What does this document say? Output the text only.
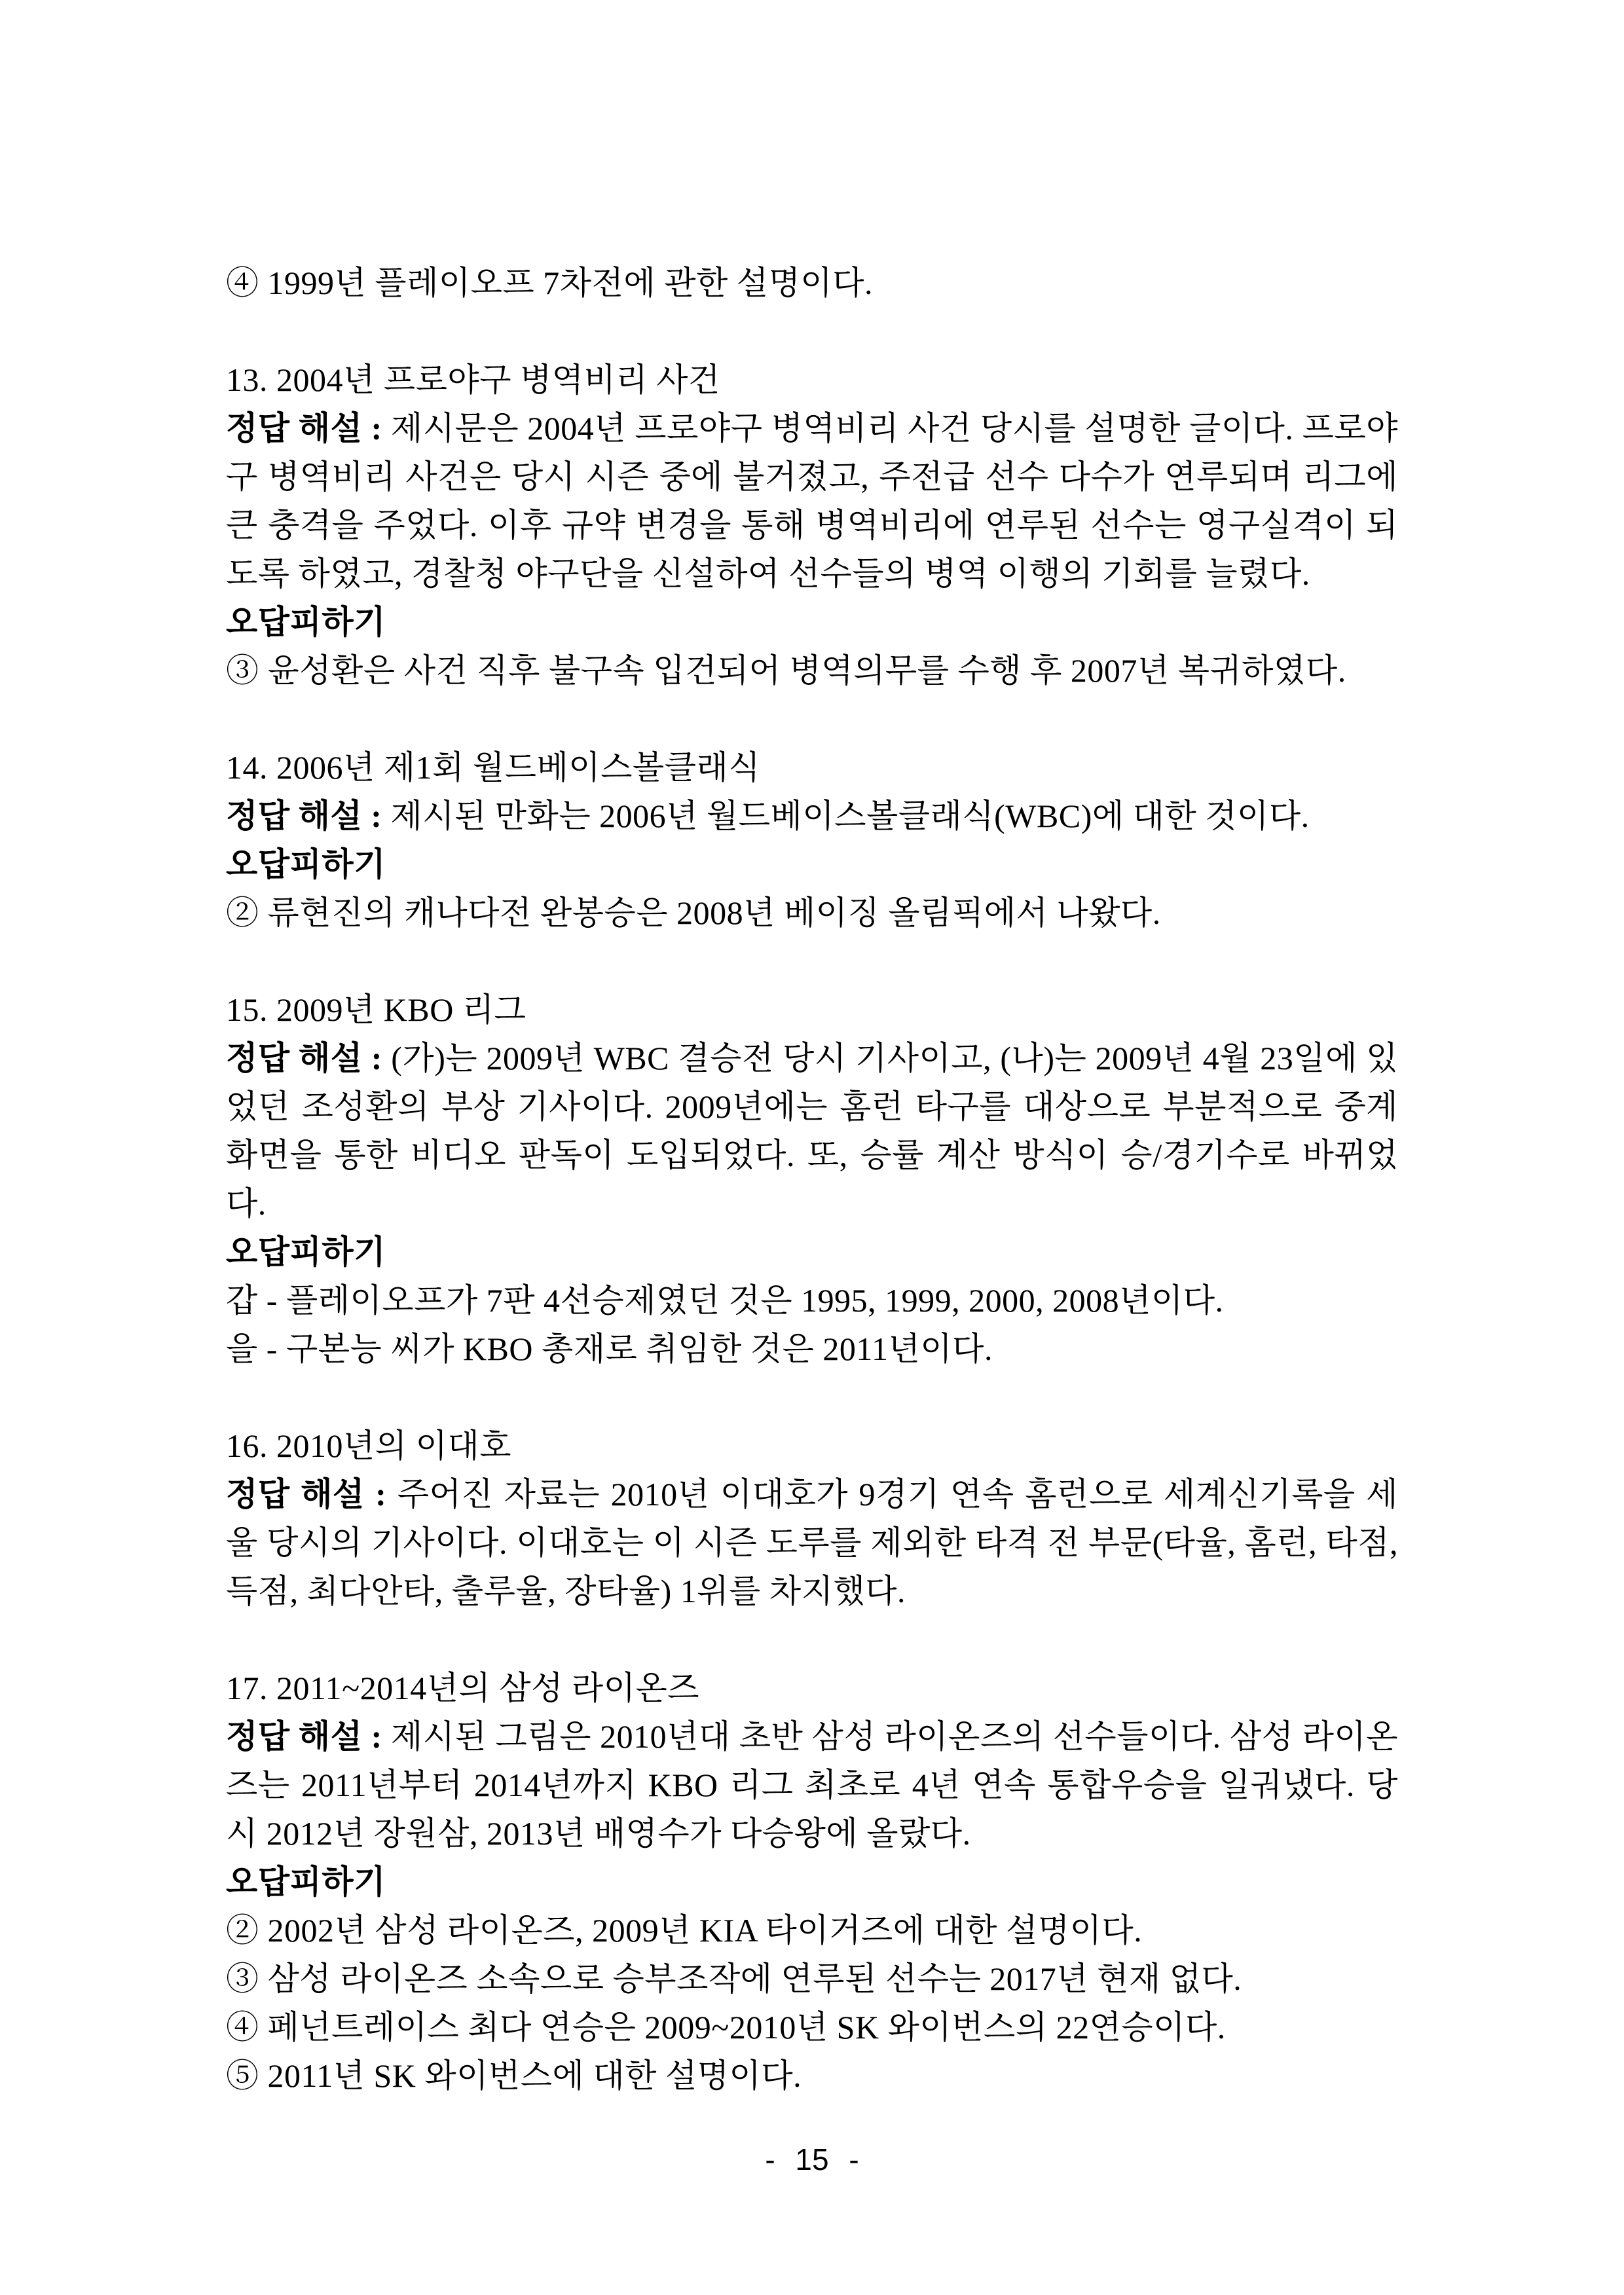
④ 1999년 플레이오프 7차전에 관한 설명이다.

13. 2004년 프로야구 병역비리 사건

정답 해설 : 제시문은 2004년 프로야구 병역비리 사건 당시를 설명한 글이다. 프로야구 병역비리 사건은 당시 시즌 중에 불거졌고, 주전급 선수 다수가 연루되며 리그에 큰 충격을 주었다. 이후 규약 변경을 통해 병역비리에 연루된 선수는 영구실격이 되도록 하였고, 경찰청 야구단을 신설하여 선수들의 병역 이행의 기회를 늘렸다.

오답피하기

③ 윤성환은 사건 직후 불구속 입건되어 병역의무를 수행 후 2007년 복귀하였다.

14. 2006년 제1회 월드베이스볼클래식

정답 해설 : 제시된 만화는 2006년 월드베이스볼클래식(WBC)에 대한 것이다.

오답피하기

② 류현진의 캐나다전 완봉승은 2008년 베이징 올림픽에서 나왔다.

15. 2009년 KBO 리그

정답 해설 : (가)는 2009년 WBC 결승전 당시 기사이고, (나)는 2009년 4월 23일에 있었던 조성환의 부상 기사이다. 2009년에는 홈런 타구를 대상으로 부분적으로 중계 화면을 통한 비디오 판독이 도입되었다. 또, 승률 계산 방식이 승/경기수로 바뀌었다.

오답피하기

갑 - 플레이오프가 7판 4선승제였던 것은 1995, 1999, 2000, 2008년이다.

을 - 구본능 씨가 KBO 총재로 취임한 것은 2011년이다.

16. 2010년의 이대호

정답 해설 : 주어진 자료는 2010년 이대호가 9경기 연속 홈런으로 세계신기록을 세울 당시의 기사이다. 이대호는 이 시즌 도루를 제외한 타격 전 부문(타율, 홈런, 타점, 득점, 최다안타, 출루율, 장타율) 1위를 차지했다.

17. 2011~2014년의 삼성 라이온즈

정답 해설 : 제시된 그림은 2010년대 초반 삼성 라이온즈의 선수들이다. 삼성 라이온즈는 2011년부터 2014년까지 KBO 리그 최초로 4년 연속 통합우승을 일궈냈다. 당시 2012년 장원삼, 2013년 배영수가 다승왕에 올랐다.

오답피하기

② 2002년 삼성 라이온즈, 2009년 KIA 타이거즈에 대한 설명이다.

③ 삼성 라이온즈 소속으로 승부조작에 연루된 선수는 2017년 현재 없다.

④ 페넌트레이스 최다 연승은 2009~2010년 SK 와이번스의 22연승이다.

⑤ 2011년 SK 와이번스에 대한 설명이다.

- 15 -
